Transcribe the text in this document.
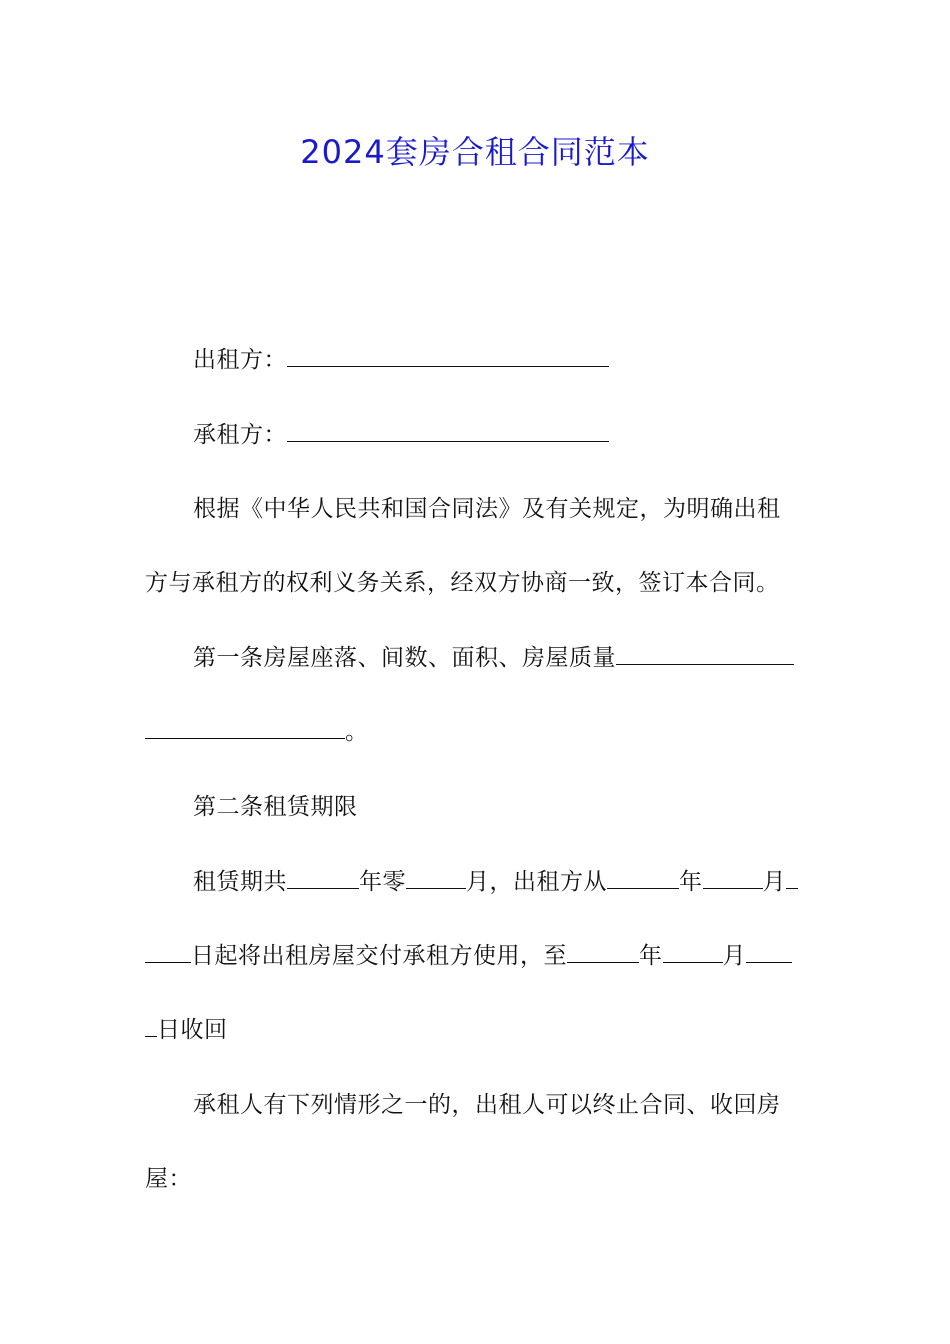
2024套房合租合同范本
出租方：
承租方：
根据《中华人民共和国合同法》及有关规定，为明确出租
方与承租方的权利义务关系，经双方协商一致，签订本合同。
第一条房屋座落、间数、面积、房屋质量
。
第二条租赁期限
租赁期共	年零	月，出租方从	年	月
日起将出租房屋交付承租方使用，至	年	月
日收回
承租人有下列情形之一的，出租人可以终止合同、收回房
屋：
